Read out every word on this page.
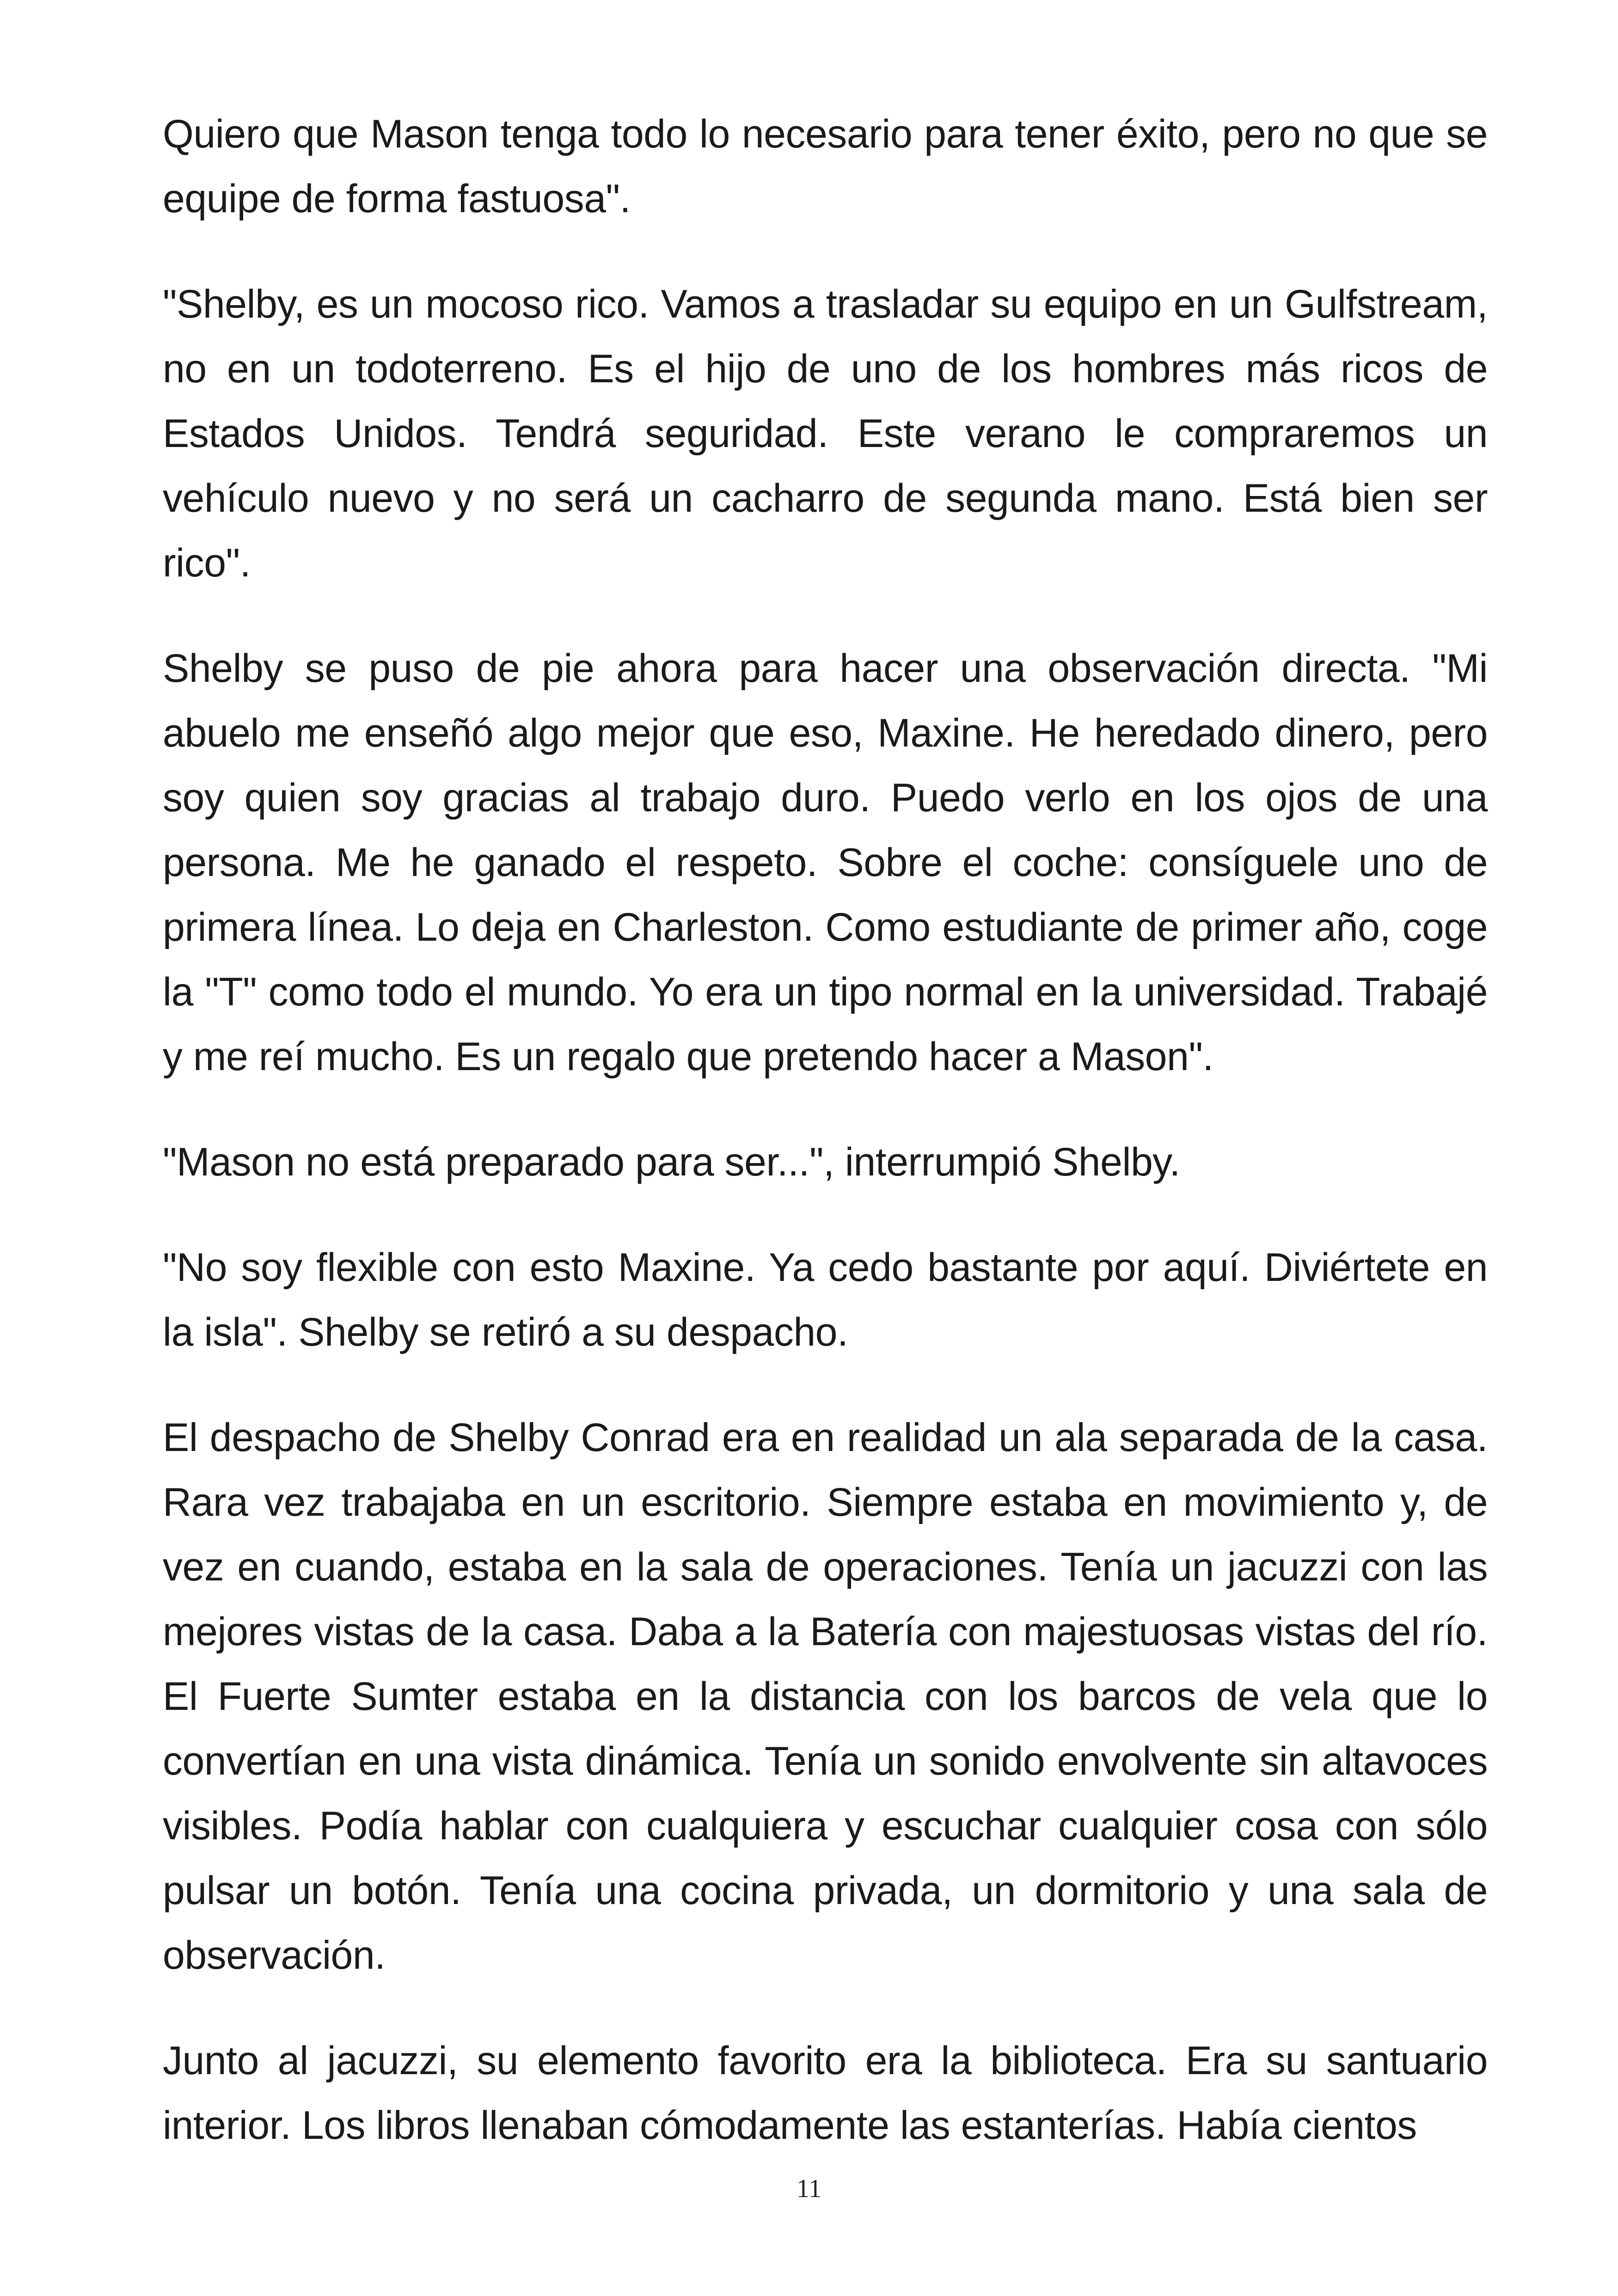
Quiero que Mason tenga todo lo necesario para tener éxito, pero no que se equipe de forma fastuosa".

"Shelby, es un mocoso rico. Vamos a trasladar su equipo en un Gulfstream, no en un todoterreno. Es el hijo de uno de los hombres más ricos de Estados Unidos. Tendrá seguridad. Este verano le compraremos un vehículo nuevo y no será un cacharro de segunda mano. Está bien ser rico".

Shelby se puso de pie ahora para hacer una observación directa. "Mi abuelo me enseñó algo mejor que eso, Maxine. He heredado dinero, pero soy quien soy gracias al trabajo duro. Puedo verlo en los ojos de una persona. Me he ganado el respeto. Sobre el coche: consíguele uno de primera línea. Lo deja en Charleston. Como estudiante de primer año, coge la "T" como todo el mundo. Yo era un tipo normal en la universidad. Trabajé y me reí mucho. Es un regalo que pretendo hacer a Mason".

"Mason no está preparado para ser...", interrumpió Shelby.

"No soy flexible con esto Maxine. Ya cedo bastante por aquí. Diviértete en la isla". Shelby se retiró a su despacho.

El despacho de Shelby Conrad era en realidad un ala separada de la casa. Rara vez trabajaba en un escritorio. Siempre estaba en movimiento y, de vez en cuando, estaba en la sala de operaciones. Tenía un jacuzzi con las mejores vistas de la casa. Daba a la Batería con majestuosas vistas del río. El Fuerte Sumter estaba en la distancia con los barcos de vela que lo convertían en una vista dinámica. Tenía un sonido envolvente sin altavoces visibles. Podía hablar con cualquiera y escuchar cualquier cosa con sólo pulsar un botón. Tenía una cocina privada, un dormitorio y una sala de observación.

Junto al jacuzzi, su elemento favorito era la biblioteca. Era su santuario interior. Los libros llenaban cómodamente las estanterías. Había cientos

11
